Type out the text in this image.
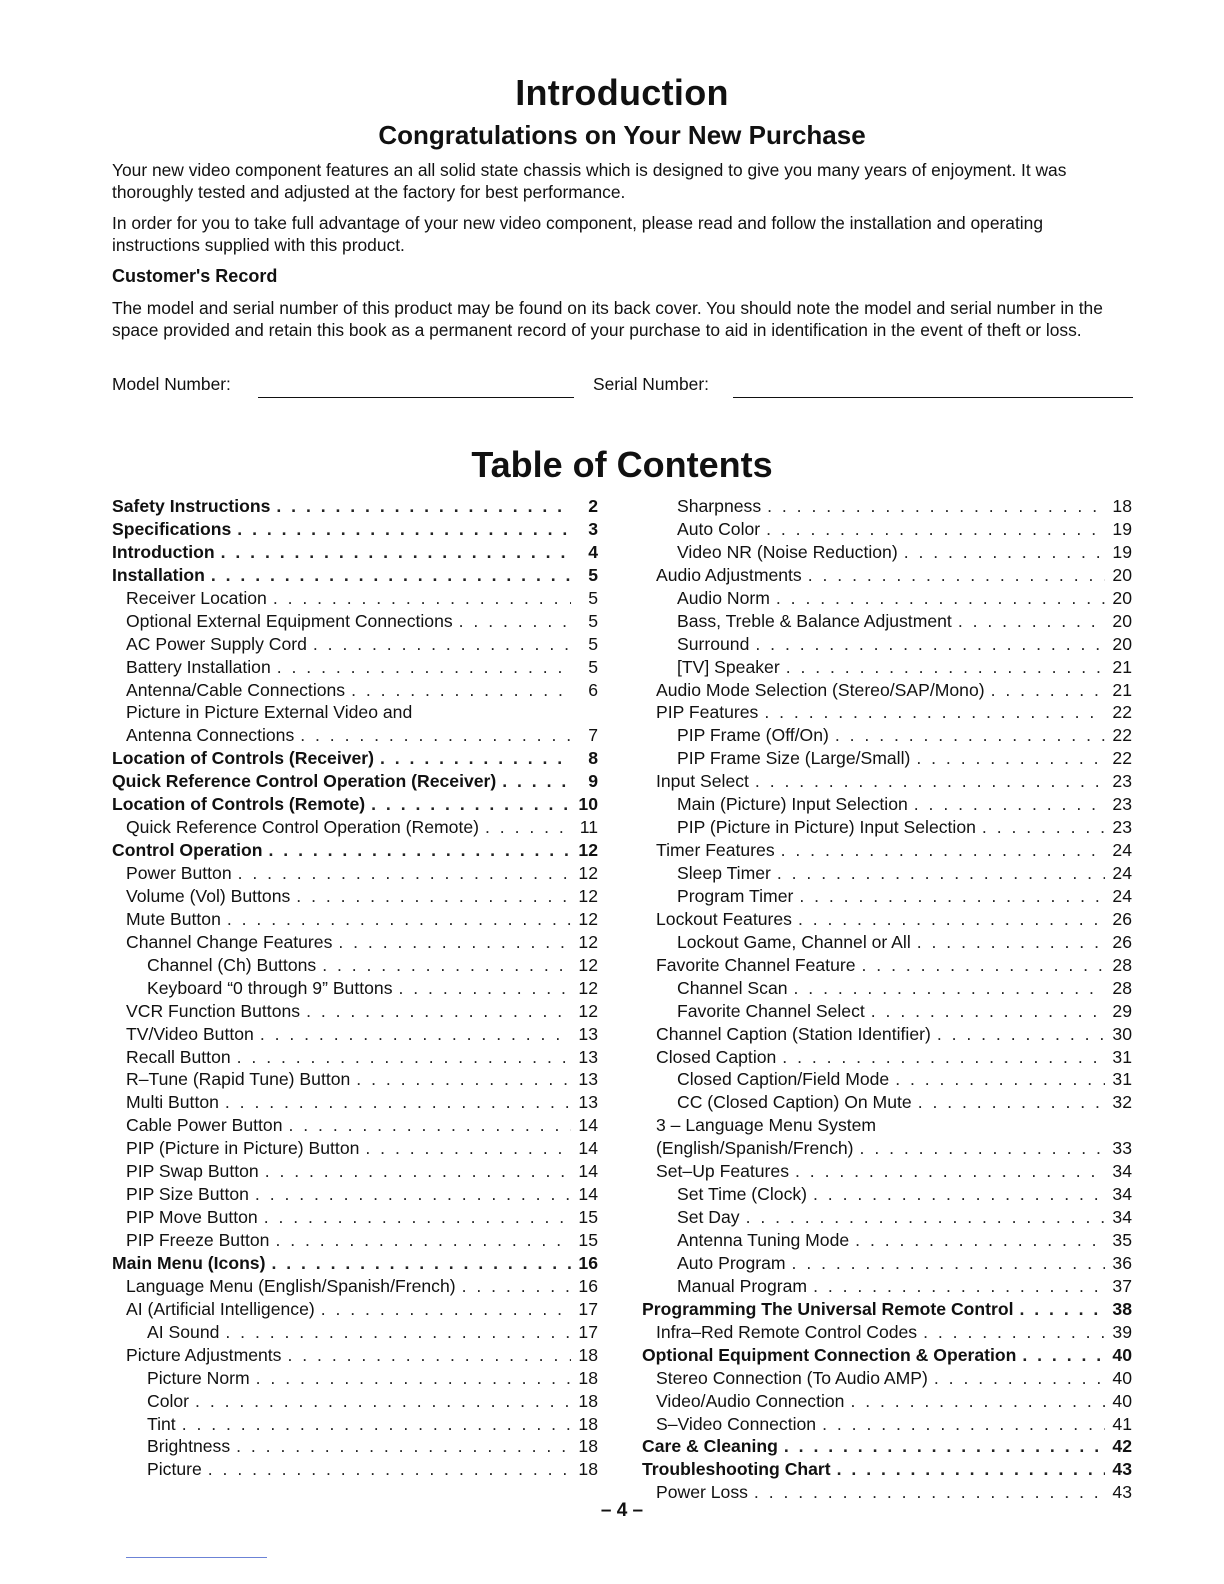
Introduction
Congratulations on Your New Purchase

Your new video component features an all solid state chassis which is designed to give you many years of enjoyment. It was thoroughly tested and adjusted at the factory for best performance.

In order for you to take full advantage of your new video component, please read and follow the installation and operating instructions supplied with this product.

Customer's Record

The model and serial number of this product may be found on its back cover. You should note the model and serial number in the space provided and retain this book as a permanent record of your purchase to aid in identification in the event of theft or loss.

Model Number:	Serial Number:
Table of Contents
Safety Instructions . . .	2
Specifications . . .	3
Introduction . . .	4
Installation . . .	5
Receiver Location . . .	5
Optional External Equipment Connections . . .	5
AC Power Supply Cord . . .	5
Battery Installation . . .	5
Antenna/Cable Connections . . .	6
Picture in Picture External Video and
Antenna Connections . . .	7
Location of Controls (Receiver) . . .	8
Quick Reference Control Operation (Receiver) . . .	9
Location of Controls (Remote) . . .	10
Quick Reference Control Operation (Remote) . . .	11
Control Operation . . .	12
Power Button . . .	12
Volume (Vol) Buttons . . .	12
Mute Button . . .	12
Channel Change Features . . .	12
Channel (Ch) Buttons . . .	12
Keyboard “0 through 9” Buttons . . .	12
VCR Function Buttons . . .	12
TV/Video Button . . .	13
Recall Button . . .	13
R–Tune (Rapid Tune) Button . . .	13
Multi Button . . .	13
Cable Power Button . . .	14
PIP (Picture in Picture) Button . . .	14
PIP Swap Button . . .	14
PIP Size Button . . .	14
PIP Move Button . . .	15
PIP Freeze Button . . .	15
Main Menu (Icons) . . .	16
Language Menu (English/Spanish/French) . . .	16
AI (Artificial Intelligence) . . .	17
AI Sound . . .	17
Picture Adjustments . . .	18
Picture Norm . . .	18
Color . . .	18
Tint . . .	18
Brightness . . .	18
Picture . . .	18
Sharpness . . .	18
Auto Color . . .	19
Video NR (Noise Reduction) . . .	19
Audio Adjustments . . .	20
Audio Norm . . .	20
Bass, Treble & Balance Adjustment . . .	20
Surround . . .	20
[TV] Speaker . . .	21
Audio Mode Selection (Stereo/SAP/Mono) . . .	21
PIP Features . . .	22
PIP Frame (Off/On) . . .	22
PIP Frame Size (Large/Small) . . .	22
Input Select . . .	23
Main (Picture) Input Selection . . .	23
PIP (Picture in Picture) Input Selection . . .	23
Timer Features . . .	24
Sleep Timer . . .	24
Program Timer . . .	24
Lockout Features . . .	26
Lockout Game, Channel or All . . .	26
Favorite Channel Feature . . .	28
Channel Scan . . .	28
Favorite Channel Select . . .	29
Channel Caption (Station Identifier) . . .	30
Closed Caption . . .	31
Closed Caption/Field Mode . . .	31
CC (Closed Caption) On Mute . . .	32
3 – Language Menu System
(English/Spanish/French) . . .	33
Set–Up Features . . .	34
Set Time (Clock) . . .	34
Set Day . . .	34
Antenna Tuning Mode . . .	35
Auto Program . . .	36
Manual Program . . .	37
Programming The Universal Remote Control . . .	38
Infra–Red Remote Control Codes . . .	39
Optional Equipment Connection & Operation . . .	40
Stereo Connection (To Audio AMP) . . .	40
Video/Audio Connection . . .	40
S–Video Connection . . .	41
Care & Cleaning . . .	42
Troubleshooting Chart . . .	43
Power Loss . . .	43
– 4 –
